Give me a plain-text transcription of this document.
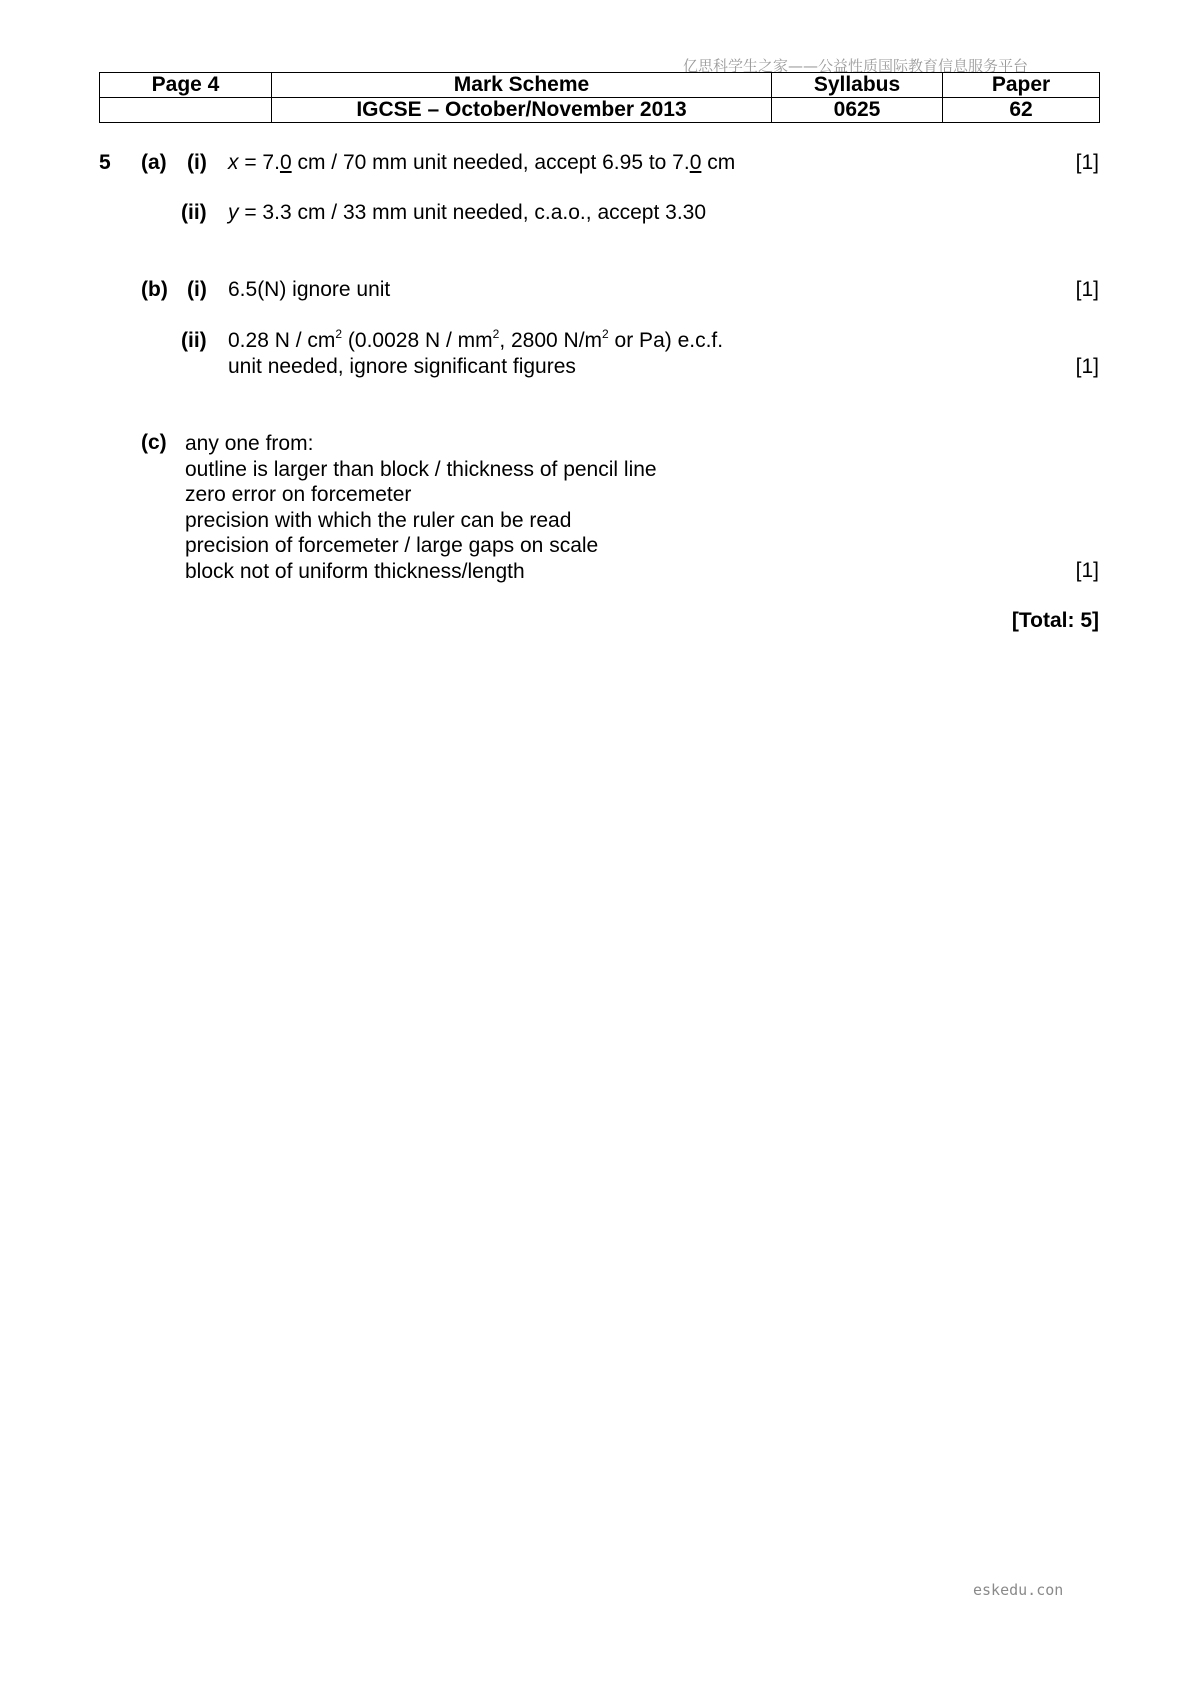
亿思科学生之家——公益性质国际教育信息服务平台
Page 4	Mark Scheme	Syllabus	Paper
	IGCSE – October/November 2013	0625	62
5 (a) (i) x = 7.0 cm / 70 mm unit needed, accept 6.95 to 7.0 cm	[1]
(ii) y = 3.3 cm / 33 mm unit needed, c.a.o., accept 3.30
(b) (i) 6.5(N) ignore unit	[1]
(ii) 0.28 N / $cm^2$ (0.0028 N / $mm^2$, 2800 $N/m^2$ or Pa) e.c.f.
unit needed, ignore significant figures	[1]
(c) any one from:
outline is larger than block / thickness of pencil line
zero error on forcemeter
precision with which the ruler can be read
precision of forcemeter / large gaps on scale
block not of uniform thickness/length	[1]
[Total: 5]
eskedu.con
